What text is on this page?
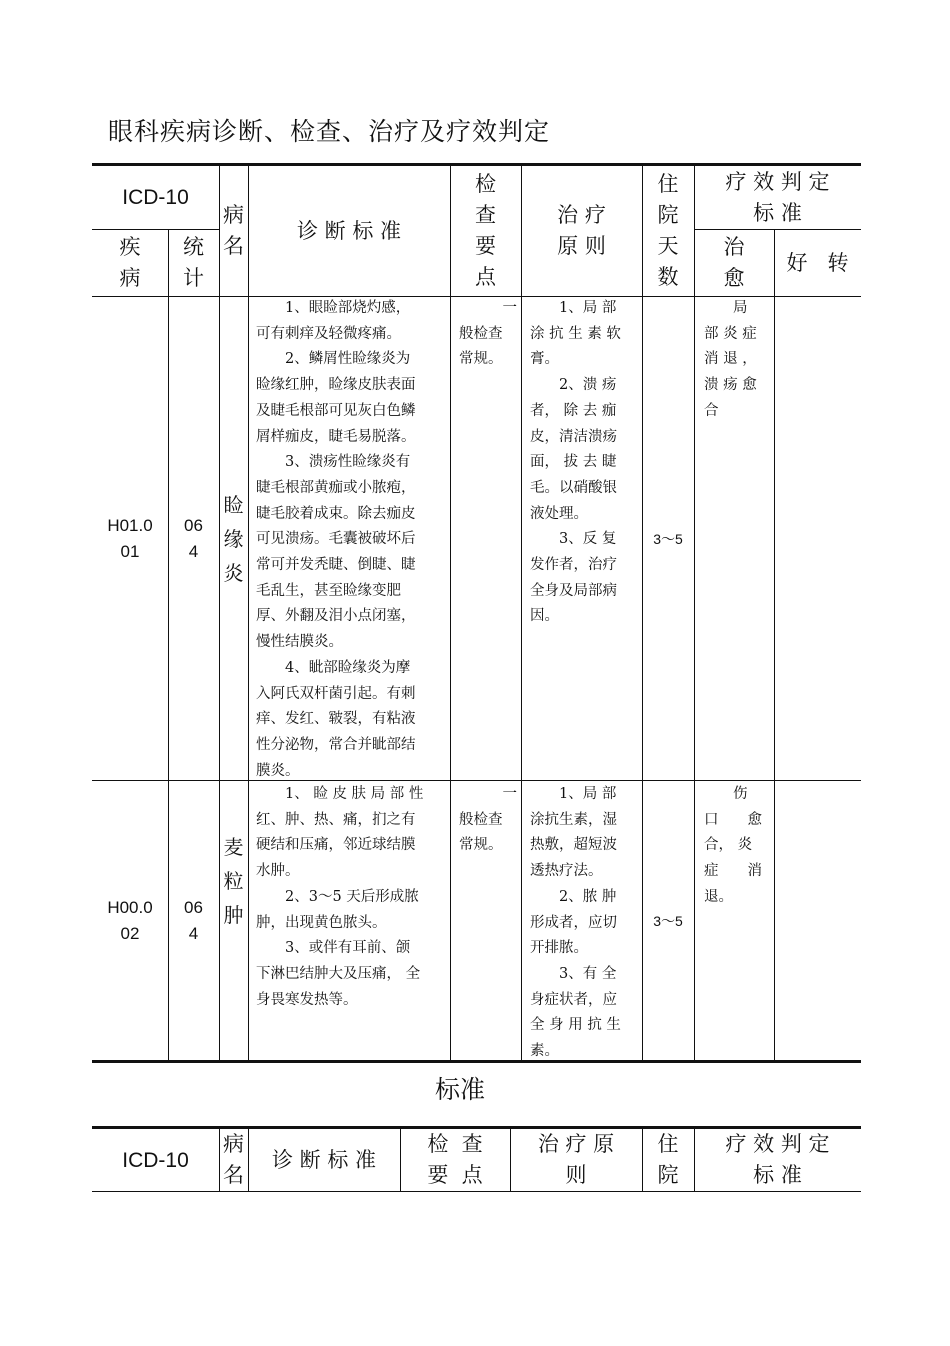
眼科疾病诊断、检查、治疗及疗效判定
ICD-10
疾
病
统
计
病
名
诊 断 标 准
检
查
要
点
治 疗
原 则
住
院
天
数
疗 效 判 定
标 准
治
愈
好   转
H01.0
01
06
4
睑
缘
炎
　　1、眼睑部烧灼感，
可有刺痒及轻微疼痛。
　　2、鳞屑性睑缘炎为
睑缘红肿，睑缘皮肤表面
及睫毛根部可见灰白色鳞
屑样痂皮，睫毛易脱落。
　　3、溃疡性睑缘炎有
睫毛根部黄痂或小脓疱，
睫毛胶着成束。除去痂皮
可见溃疡。毛囊被破坏后
常可并发秃睫、倒睫、睫
毛乱生，甚至睑缘变肥
厚、外翻及泪小点闭塞，
慢性结膜炎。
　　4、眦部睑缘炎为摩
入阿氏双杆菌引起。有刺
痒、发红、皲裂，有粘液
性分泌物，常合并眦部结
膜炎。
　　　一
般检查
常规。
　　1、局 部
涂 抗 生 素 软
膏。
　　2、溃 疡
者， 除 去 痂
皮，清洁溃疡
面， 拔 去 睫
毛。以硝酸银
液处理。
　　3、反 复
发作者，治疗
全身及局部病
因。
3～5
　　局
部 炎 症
消 退 ，
溃 疡 愈
合
H00.0
02
06
4
麦
粒
肿
　　1、 睑 皮 肤 局 部 性
红、肿、热、痛，扪之有
硬结和压痛，邻近球结膜
水肿。
　　2、3～5 天后形成脓
肿，出现黄色脓头。
　　3、或伴有耳前、颌
下淋巴结肿大及压痛， 全
身畏寒发热等。
　　　一
般检查
常规。
　　1、局 部
涂抗生素，湿
热敷，超短波
透热疗法。
　　2、脓 肿
形成者，应切
开排脓。
　　3、有 全
身症状者，应
全 身 用 抗 生
素。
3～5
　　伤
口　　愈
合， 炎
症　　消
退。
标准
ICD-10
病
名
诊 断 标 准
检  查
要  点
治 疗 原
则
住
院
疗 效 判 定
标 准
